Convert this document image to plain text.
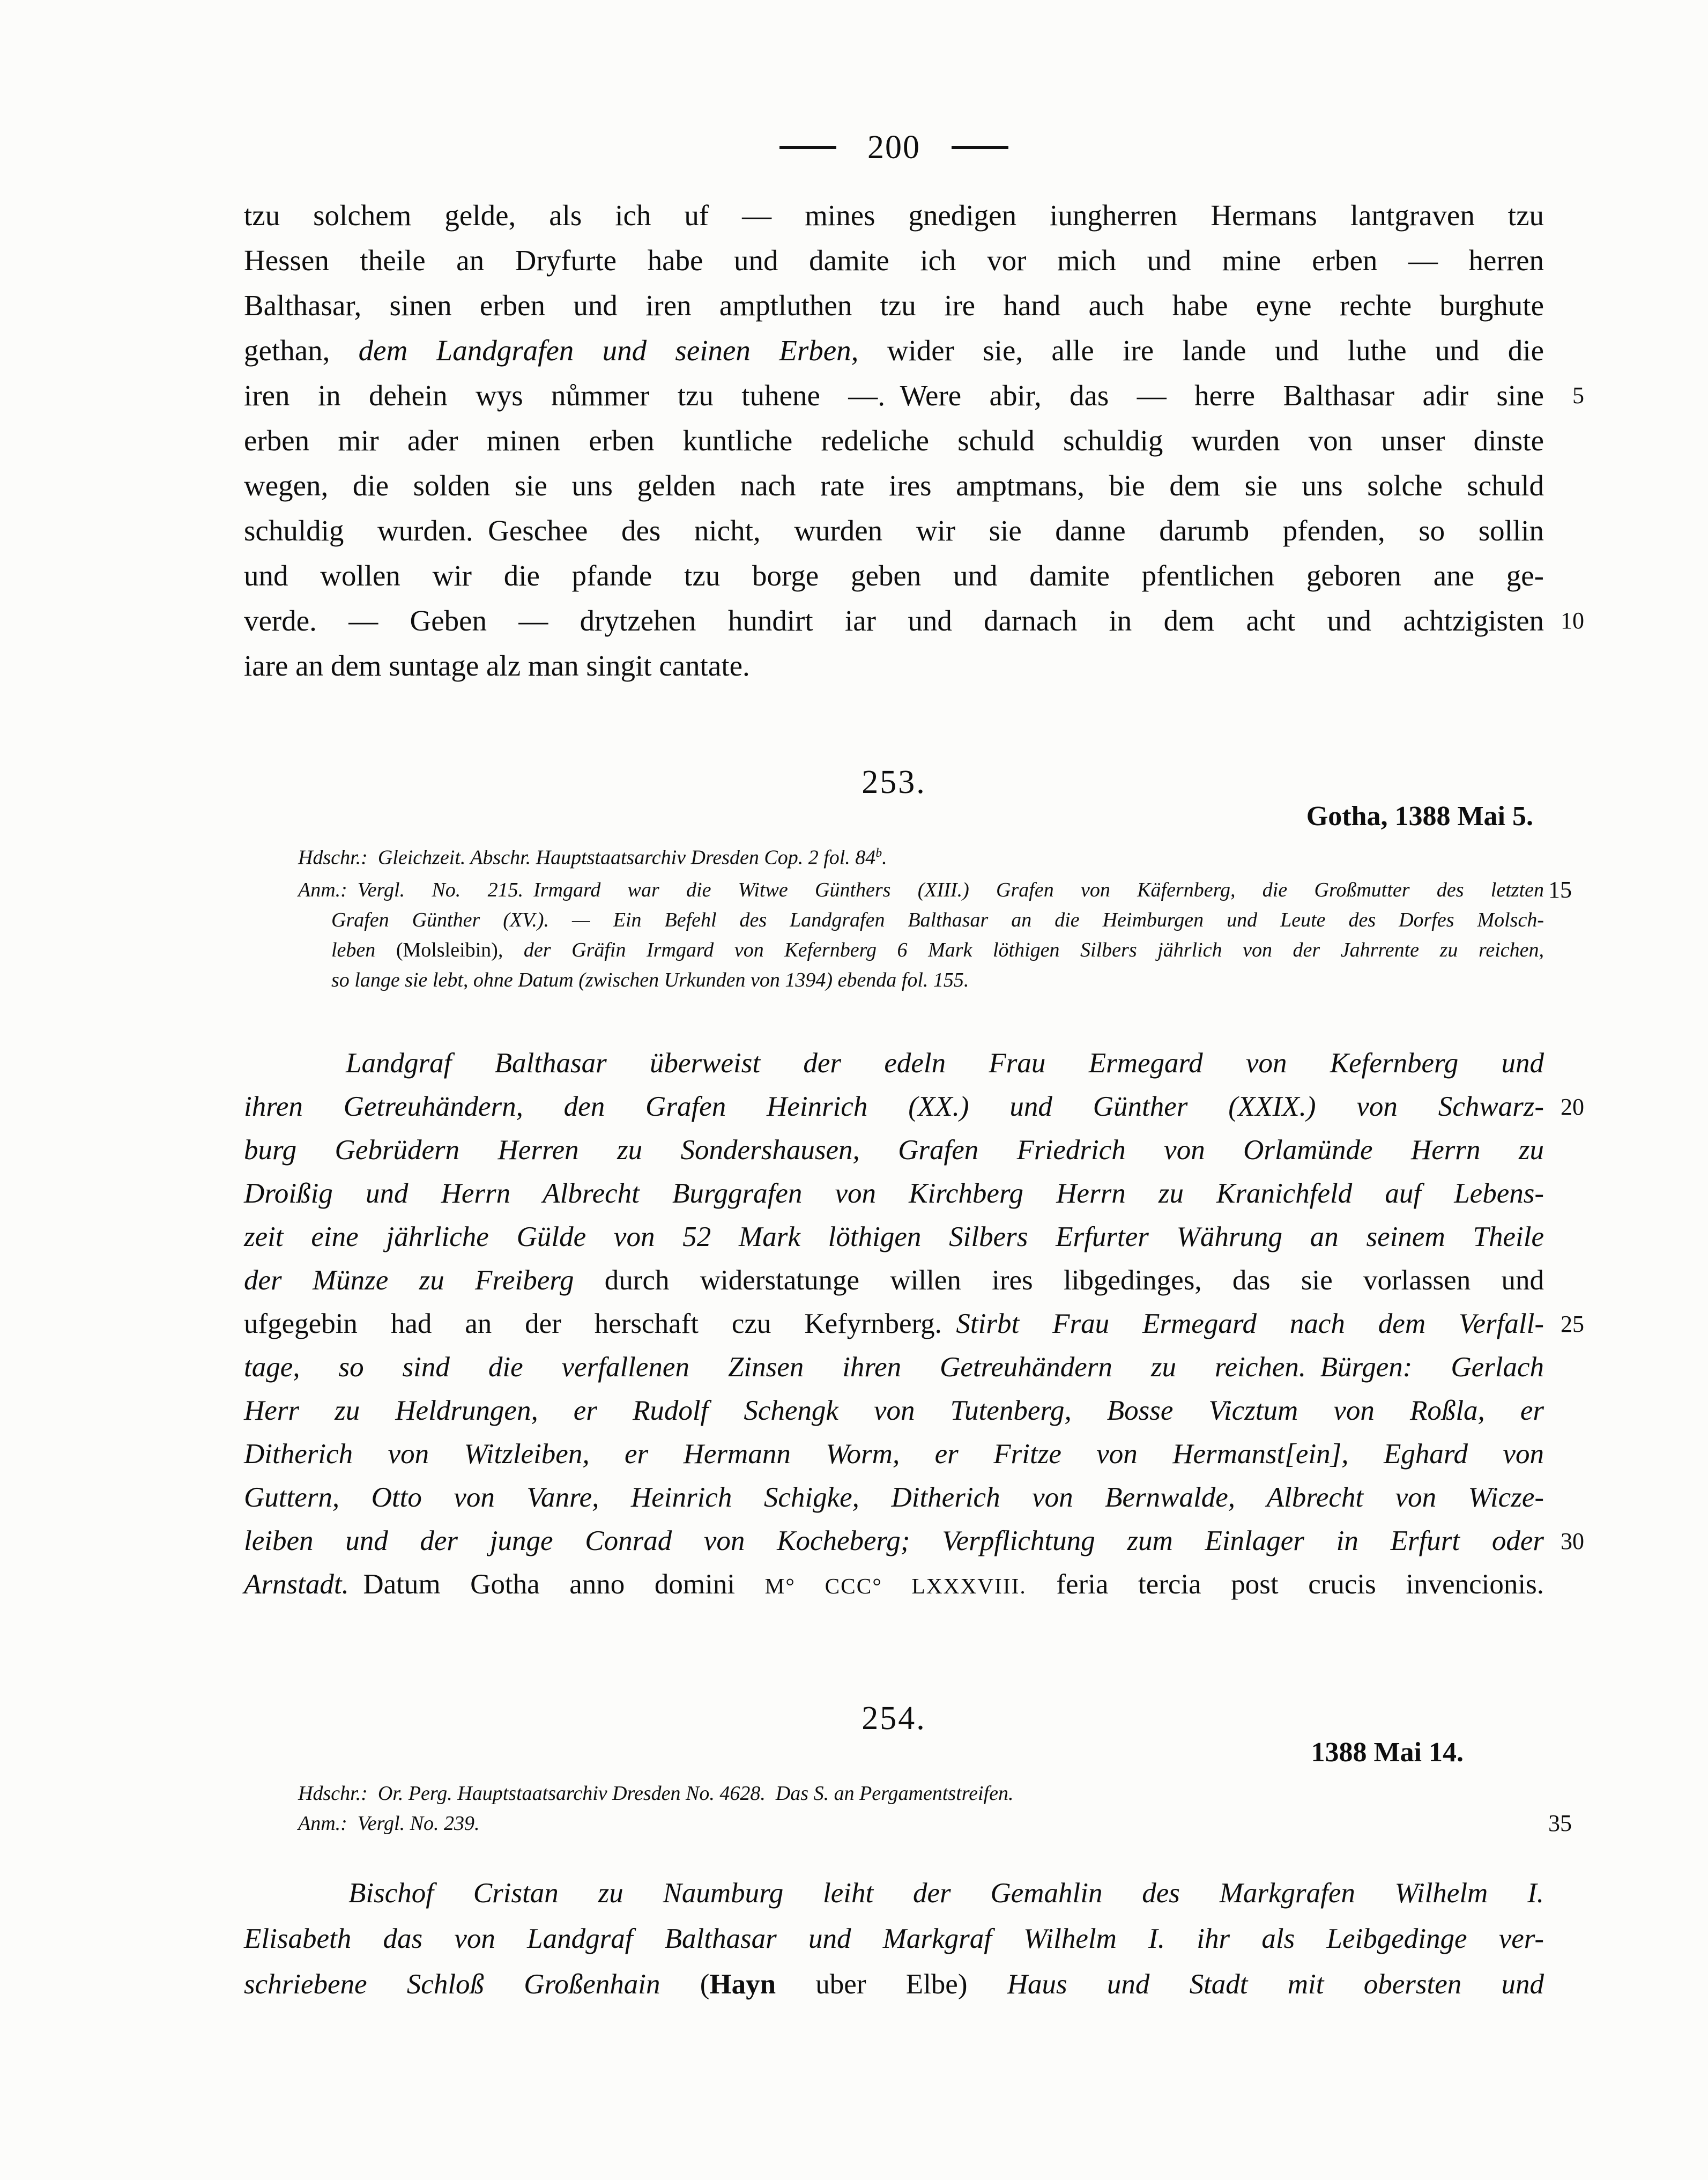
200
tzu solchem gelde, als ich uf — mines gnedigen iungherren Hermans lantgraven tzu
Hessen theile an Dryfurte habe und damite ich vor mich und mine erben — herren
Balthasar, sinen erben und iren amptluthen tzu ire hand auch habe eyne rechte burghute
gethan, dem Landgrafen und seinen Erben, wider sie, alle ire lande und luthe und die
iren in dehein wys nůmmer tzu tuhene —. Were abir, das — herre Balthasar adir sine 5
erben mir ader minen erben kuntliche redeliche schuld schuldig wurden von unser dinste
wegen, die solden sie uns gelden nach rate ires amptmans, bie dem sie uns solche schuld
schuldig wurden. Geschee des nicht, wurden wir sie danne darumb pfenden, so sollin
und wollen wir die pfande tzu borge geben und damite pfentlichen geboren ane ge-
verde. — Geben — drytzehen hundirt iar und darnach in dem acht und achtzigisten 10
iare an dem suntage alz man singit cantate.
253.
Gotha, 1388 Mai 5.
Hdschr.: Gleichzeit. Abschr. Hauptstaatsarchiv Dresden Cop. 2 fol. 84$^b$.
Anm.: Vergl. No. 215. Irmgard war die Witwe Günthers (XIII.) Grafen von Käfernberg, die Großmutter des letzten 15
Grafen Günther (XV.). — Ein Befehl des Landgrafen Balthasar an die Heimburgen und Leute des Dorfes Molsch-
leben (Molsleibin), der Gräfin Irmgard von Kefernberg 6 Mark löthigen Silbers jährlich von der Jahrrente zu reichen,
so lange sie lebt, ohne Datum (zwischen Urkunden von 1394) ebenda fol. 155.
Landgraf Balthasar überweist der edeln Frau Ermegard von Kefernberg und
ihren Getreuhändern, den Grafen Heinrich (XX.) und Günther (XXIX.) von Schwarz- 20
burg Gebrüdern Herren zu Sondershausen, Grafen Friedrich von Orlamünde Herrn zu
Droißig und Herrn Albrecht Burggrafen von Kirchberg Herrn zu Kranichfeld auf Lebens-
zeit eine jährliche Gülde von 52 Mark löthigen Silbers Erfurter Währung an seinem Theile
der Münze zu Freiberg durch widerstatunge willen ires libgedinges, das sie vorlassen und
ufgegebin had an der herschaft czu Kefyrnberg. Stirbt Frau Ermegard nach dem Verfall- 25
tage, so sind die verfallenen Zinsen ihren Getreuhändern zu reichen. Bürgen: Gerlach
Herr zu Heldrungen, er Rudolf Schengk von Tutenberg, Bosse Vicztum von Roßla, er
Ditherich von Witzleiben, er Hermann Worm, er Fritze von Hermanst[ein], Eghard von
Guttern, Otto von Vanre, Heinrich Schigke, Ditherich von Bernwalde, Albrecht von Wicze-
leiben und der junge Conrad von Kocheberg; Verpflichtung zum Einlager in Erfurt oder 30
Arnstadt. Datum Gotha anno domini M° CCC° LXXXVIII. feria tercia post crucis invencionis.
254.
1388 Mai 14.
Hdschr.: Or. Perg. Hauptstaatsarchiv Dresden No. 4628. Das S. an Pergamentstreifen.
Anm.: Vergl. No. 239.	35
Bischof Cristan zu Naumburg leiht der Gemahlin des Markgrafen Wilhelm I.
Elisabeth das von Landgraf Balthasar und Markgraf Wilhelm I. ihr als Leibgedinge ver-
schriebene Schloß Großenhain (Hayn uber Elbe) Haus und Stadt mit obersten und
